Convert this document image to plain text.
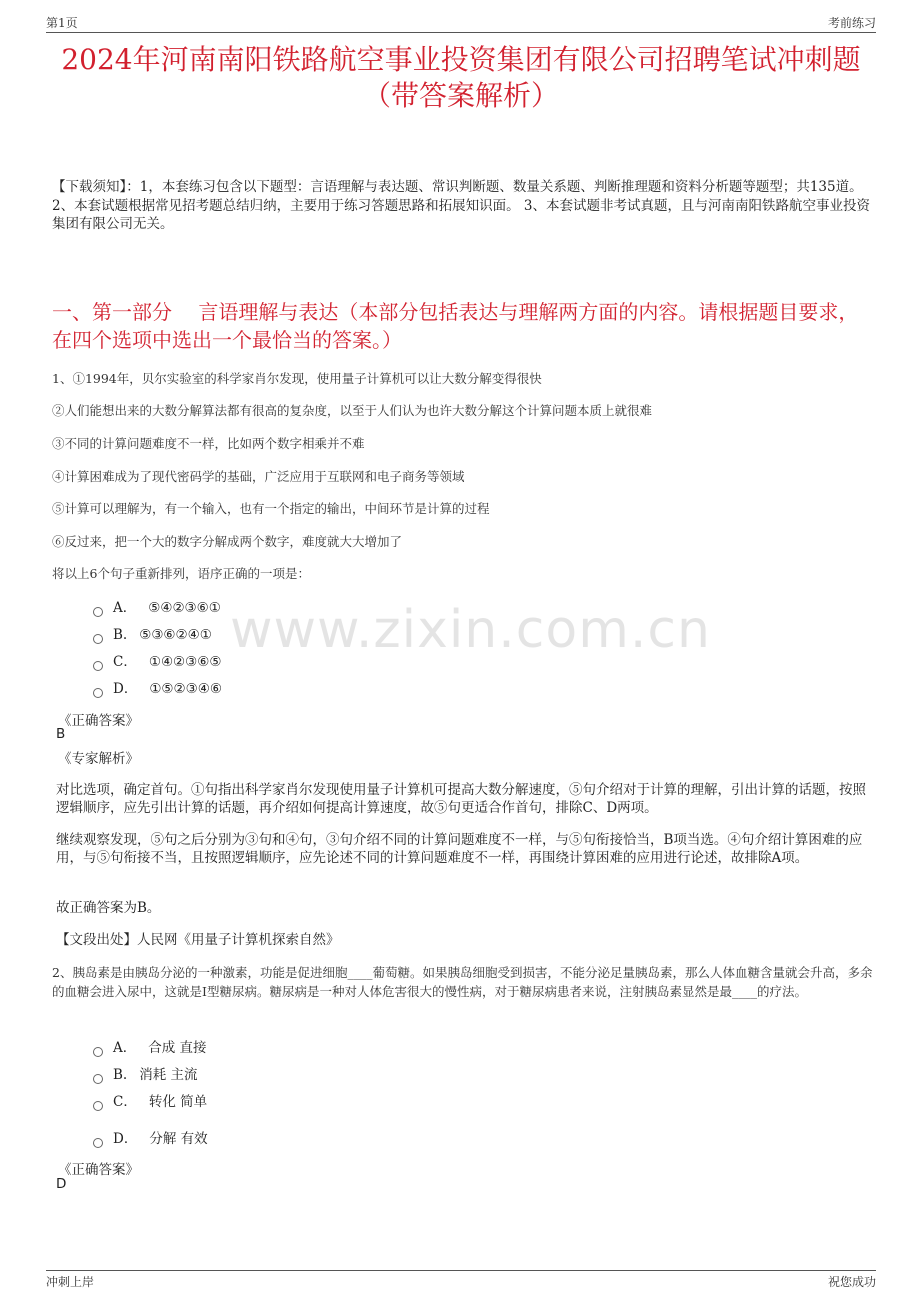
第1页	考前练习
2024年河南南阳铁路航空事业投资集团有限公司招聘笔试冲刺题（带答案解析）
【下载须知】：1，本套练习包含以下题型：言语理解与表达题、常识判断题、数量关系题、判断推理题和资料分析题等题型；共135道。 2、本套试题根据常见招考题总结归纳，主要用于练习答题思路和拓展知识面。 3、本套试题非考试真题，且与河南南阳铁路航空事业投资集团有限公司无关。
一、第一部分　 言语理解与表达（本部分包括表达与理解两方面的内容。请根据题目要求，在四个选项中选出一个最恰当的答案。）
1、①1994年，贝尔实验室的科学家肖尔发现，使用量子计算机可以让大数分解变得很快
②人们能想出来的大数分解算法都有很高的复杂度，以至于人们认为也许大数分解这个计算问题本质上就很难
③不同的计算问题难度不一样，比如两个数字相乘并不难
④计算困难成为了现代密码学的基础，广泛应用于互联网和电子商务等领域
⑤计算可以理解为，有一个输入，也有一个指定的输出，中间环节是计算的过程
⑥反过来，把一个大的数字分解成两个数字，难度就大大增加了
将以上6个句子重新排列，语序正确的一项是：
A． ⑤④②③⑥①
B. ⑤③⑥②④①
C． ①④②③⑥⑤
D． ①⑤②③④⑥
www.zixin.com.cn
《正确答案》
B
《专家解析》
对比选项，确定首句。①句指出科学家肖尔发现使用量子计算机可提高大数分解速度，⑤句介绍对于计算的理解，引出计算的话题，按照逻辑顺序，应先引出计算的话题，再介绍如何提高计算速度，故⑤句更适合作首句，排除C、D两项。
继续观察发现，⑤句之后分别为③句和④句，③句介绍不同的计算问题难度不一样，与⑤句衔接恰当，B项当选。④句介绍计算困难的应用，与⑤句衔接不当，且按照逻辑顺序，应先论述不同的计算问题难度不一样，再围绕计算困难的应用进行论述，故排除A项。
故正确答案为B。
【文段出处】人民网《用量子计算机探索自然》
2、胰岛素是由胰岛分泌的一种激素，功能是促进细胞____葡萄糖。如果胰岛细胞受到损害，不能分泌足量胰岛素，那么人体血糖含量就会升高，多余的血糖会进入尿中，这就是I型糖尿病。糖尿病是一种对人体危害很大的慢性病，对于糖尿病患者来说，注射胰岛素显然是最____的疗法。
A． 合成 直接
B. 消耗 主流
C． 转化 简单
D． 分解 有效
《正确答案》
D
冲刺上岸	祝您成功
